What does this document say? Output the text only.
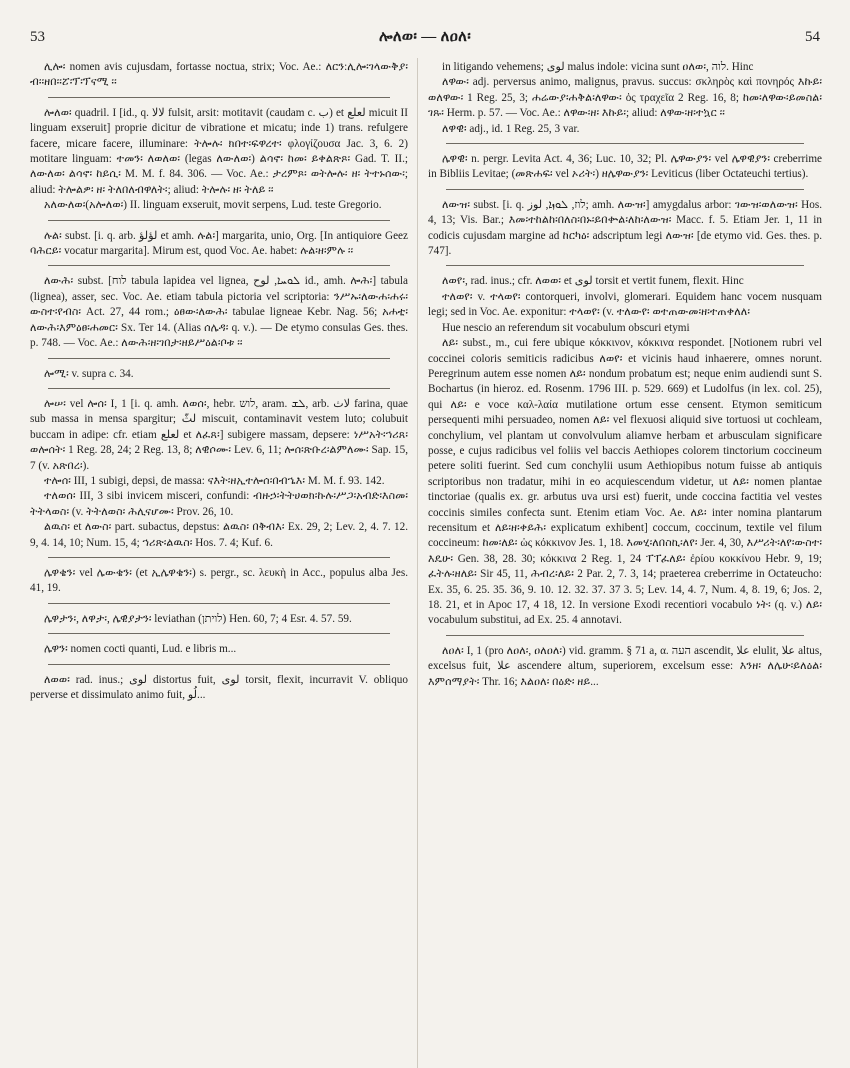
53	ሎለወ፡ — ለዐለ፡	54

ሊሎ፡ nomen avis cujusdam, fortasse noctua, strix; Voc. Ae.: ለርን:ሊሎ፡ገላውቅያ፡ብ፡፡ዘበ፡፡ፘ፡ፕ፡ፕናሚ ፡፡

ሎለወ፡ quadril. I [id., q. لالا fulsit, arsit: motitavit (caudam c. ب) et لعلع micuit II linguam exseruit] proprie dicitur de vibratione et micatu; inde 1) trans. refulgere facere, micare facere, illuminare: ትሎሉ፡ ክበተ፡ፍዋረተ፡ φλογίζουσα Jac. 3, 6. 2) motitare linguam: ተመን፡ ለወለወ፡ (legas ለውለወ፡) ልሳኖ፡ ከመ፡ ይቀልጽጾ፡ Gad. T. II.; ለውለወ፡ ልሳኖ፡ ከይሲ፡ M. M. f. 84. 306. — Voc. Ae.: ታረምጾ፡ ወትሎሉ፡ ዘ፡ ትተኑሰው፡; aliud: ትሎልዎ፡ ዘ፡ ትለበለብዋለት፡; aliud: ትሎሉ፡ ዘ፡ ትለይ ፡፡

አለውለወ፡(አሎለወ፡) II. linguam exseruit, movit serpens, Lud. teste Gregorio.

ሉል፡ subst. [i. q. arb. لؤلؤ et amh. ሉል፡] margarita, unio, Org. [In antiquiore Geez ባሕርይ፡ vocatur margarita]. Mirum est, quod Voc. Ae. habet: ሉል፡ዘ፡ምሉ ፡፡

ለውሕ፡ subst. [לוח tabula lapidea vel lignea, ܠܘܚܐ, لوح id., amh. ሎሕ፡] tabula (lignea), asser, sec. Voc. Ae. etiam tabula pictoria vel scriptoria: ንሥኡ፡ለውሐ፡ሐሩ፡ውስተ፡የብስ፡ Act. 27, 44 rom.; ዕፀው፡ለውሕ፡ tabulae ligneae Kebr. Nag. 56; አሐቲ፡ለውሕ፡እምዕፀ፡ሐመር፡ Sx. Ter 14. (Alias ሰሌዳ፡ q. v.). — De etymo consulas Ges. thes. p. 748. — Voc. Ae.: ለውሕ፡ዘ፡ገበታ፡ዘይሥዕል፡ቦቱ ፡፡

ሎሚ፡ v. supra c. 34.

ሎሠ፡ vel ሎሰ፡ I, 1 [i. q. amh. ለወሰ፡, hebr. לוש, aram. ܠܫ, arb. لاث farina, quae sub massa in mensa spargitur; لثّ miscuit, contaminavit vestem luto; colubuit buccam in adipe: cfr. etiam لعلع et ለፈጸ፡] subigere massam, depsere: ነሥአት፡ኀሪጸ፡ወሎሰት፡ 1 Reg. 28, 24; 2 Reg. 13, 8; ለዊሶሙ፡ Lev. 6, 11; ሎሰ፡ጽቡረ፡ልምለሙ፡ Sap. 15, 7 (v. አጽበረ፡).

ተሎሰ፡ III, 1 subigi, depsi, de massa: ናእት፡ዘኢተሎሰ፡በብኄእ፡ M. M. f. 93. 142.

ተለወሰ፡ III, 3 sibi invicem misceri, confundi: ብዙኃ፡ትትሀወክ፡ኩሉ፡ሥጋ፡አብድ፡እስመ፡ትትላወስ፡ (v. ትትለወስ፡ ሕሊናሆሙ፡ Prov. 26, 10.

ልዉስ፡ et ለውስ፡ part. subactus, depstus: ልዉስ፡ በቅብእ፡ Ex. 29, 2; Lev. 2, 4. 7. 12. 9, 4. 14, 10; Num. 15, 4; ኀሪጽ፡ልዉስ፡ Hos. 7. 4; Kuf. 6.

ሌዋቄን፡ vel ሌውቄን፡ (et ኢሌዋቄን፡) s. pergr., sc. λευκὴ in Acc., populus alba Jes. 41, 19.

ሌዋታን፡, ለዋታ፡, ሌዊያታን፡ leviathan (לויתן) Hen. 60, 7; 4 Esr. 4. 57. 59.

ሌዋን፡ nomen cocti quanti, Lud. e libris m...

ለወወ፡ rad. inus.; لوى distortus fuit, لوى torsit, flexit, incurravit V. obliquo perverse et dissimulato animo fuit, لُو...

in litigando vehemens; لوى malus indole: vicina sunt ዐለወ፡, לוה. Hinc

ለዋው፡ adj. perversus animo, malignus, pravus. succus: σκληρὸς καὶ πονηρός እኩይ፡ወለዋው፡ 1 Reg. 25, 3; ሐሬውያ፡ሐቅል፡ለዋው፡ ὁς τραχεῖα 2 Reg. 16, 8; ከመ፡ለዋው፡ይመስል፡ገጹ፡ Herm. p. 57. — Voc. Ae.: ለዋው፡ዘ፡ እኩይ፡; aliud: ለዋው፡ዘ፡ተኳር ፡፡

ለዋዊ፡ adj., id. 1 Reg. 25, 3 var.

ሌዋዊ፡ n. pergr. Levita Act. 4, 36; Luc. 10, 32; Pl. ሌዋውያን፡ vel ሌዋዊያን፡ creberrime in Bibliis Levitae; (መጽሐፍ፡ vel ኦሪት፡) ዘሌዋውያን፡ Leviticus (liber Octateuchi tertius).

ለውዝ፡ subst. [i. q. לוז, ܠܘܙܐ, لوز; amh. ለውዝ፡] amygdalus arbor: ገውዝ፡ወለውዝ፡ Hos. 4, 13; Vis. Bar.; እመ፡ተከልከ፡በለስ፡በኑ፡ይበቍል፡ለከ፡ለውዝ፡ Macc. f. 5. Etiam Jer. 1, 11 in codicis cujusdam margine ad ከርካዕ፡ adscriptum legi ለውዝ፡ [de etymo vid. Ges. thes. p. 747].

ለወየ፡, rad. inus.; cfr. ለወወ፡ et لوى torsit et vertit funem, flexit. Hinc

ተለወየ፡ v. ተላወየ፡ contorqueri, involvi, glomerari. Equidem hanc vocem nusquam legi; sed in Voc. Ae. exponitur: ተላወየ፡ (v. ተለውየ፡ ወተጠውመ፡ዘ፡ተጠቀለለ፡

Hue nescio an referendum sit vocabulum obscuri etymi

ለይ፡ subst., m., cui fere ubique κόκκινον, κόκκινα respondet. [Notionem rubri vel coccinei coloris semiticis radicibus ለወየ፡ et vicinis haud inhaerere, omnes norunt. Peregrinum autem esse nomen ለይ፡ nondum probatum est; neque enim audiendi sunt S. Bochartus (in hieroz. ed. Rosenm. 1796 III. p. 529. 669) et Ludolfus (in lex. col. 25), qui ለይ፡ e voce καλ-λαία mutilatione ortum esse censent. Etymon semiticum persequenti mihi persuadeo, nomen ለይ፡ vel flexuosi aliquid sive tortuosi ut cochleam, conchylium, vel plantam ut convolvulum aliamve herbam et arbusculam significare posse, e cujus radicibus vel foliis vel baccis Aethiopes colorem tinctorium coccineum petere soliti fuerint. Sed cum conchylii usum Aethiopibus notum fuisse ab antiquis scriptoribus non tradatur, mihi in eo acquiescendum videtur, ut ለይ፡ nomen plantae tinctoriae (qualis ex. gr. arbutus uva ursi est) fuerit, unde coccina factitia vel vestes coccinis similes confecta sunt. Etenim etiam Voc. Ae. ለይ፡ inter nomina plantarum recensitum et ለይ፡ዘ፡ቀይሕ፡ explicatum exhibent] coccum, coccinum, textile vel filum coccineum: ከመ፡ለይ፡ ὡς κόκκινον Jes. 1, 18. እመሂ፡ለበስኪ፡ለየ፡ Jer. 4, 30, እሥሪት፡ለየ፡ውስተ፡እዴሁ፡ Gen. 38, 28. 30; κόκκινα 2 Reg. 1, 24 ፐፐፈለይ፡ ἐρίου κοκκίνου Hebr. 9, 19; ፈትሉ፡ዘለይ፡ Sir 45, 11, ሕብረ፡ለይ፡ 2 Par. 2, 7. 3, 14; praeterea creberrime in Octateucho: Ex. 35, 6. 25. 35. 36, 9. 10. 12. 32. 37. 37 3. 5; Lev. 14, 4. 7, Num. 4, 8. 19, 6; Jos. 2, 18. 21, et in Apoc 17, 4 18, 12. In versione Exodi recentiori vocabulo ነት፡ (q. v.) ለይ፡ vocabulum substitui, ad Ex. 25. 4 annotavi.

ለዐለ፡ I, 1 (pro ለዐለ፡, ዐለዐለ፡) vid. gramm. § 71 a, α. העה ascendit, علا elulit, علا altus, excelsus fuit, علا ascendere altum, superiorem, excelsum esse: እንዘ፡ ለሌሁ፡ይለዕል፡ እምሰማያት፡ Thr. 16; እልዐለ፡ በዕድ፡ ዘይ...
